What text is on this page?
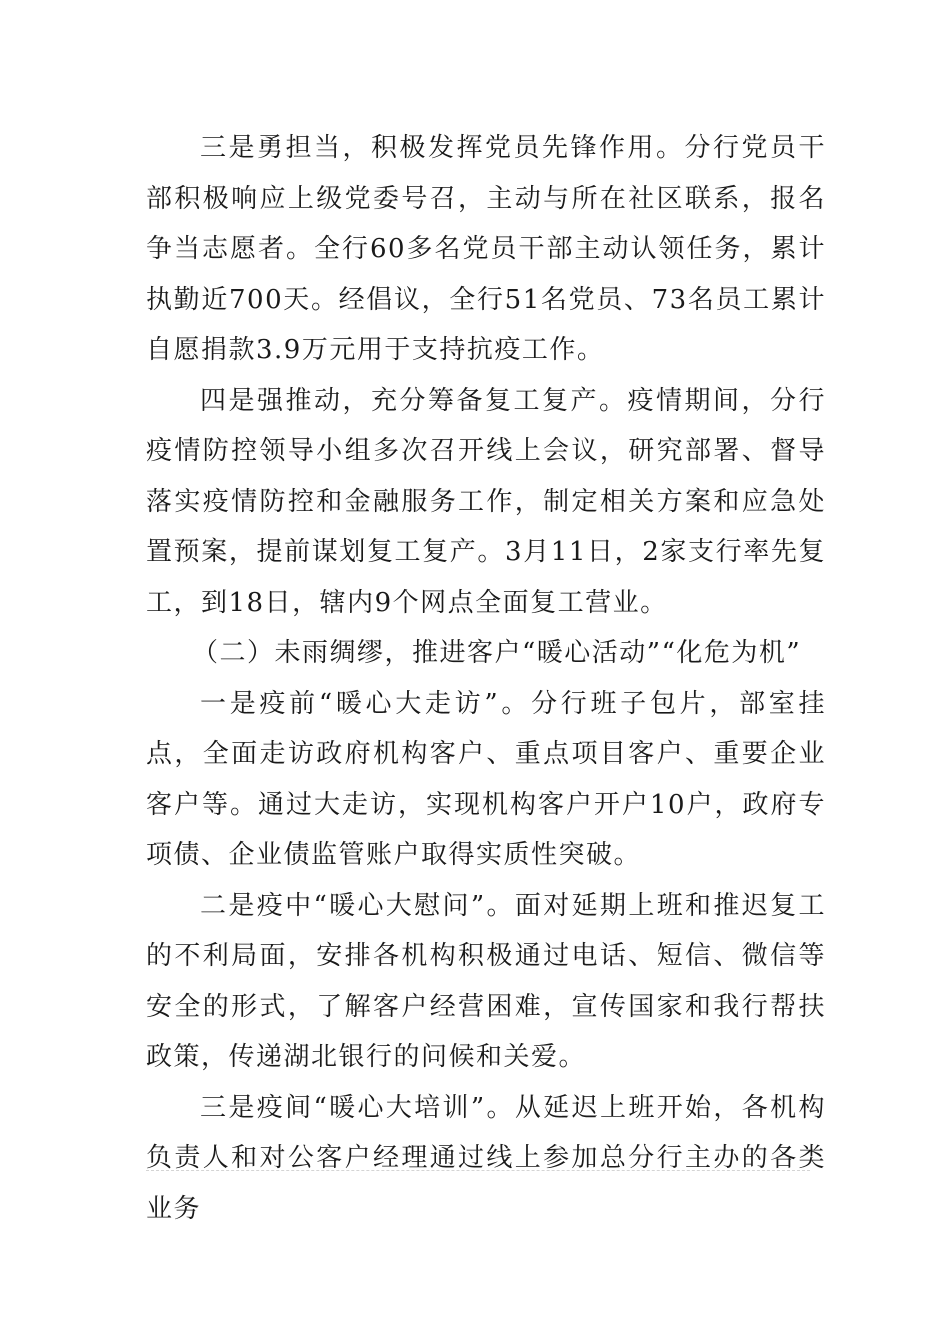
三是勇担当，积极发挥党员先锋作用。分行党员干部积极响应上级党委号召，主动与所在社区联系，报名争当志愿者。全行60多名党员干部主动认领任务，累计执勤近700天。经倡议，全行51名党员、73名员工累计自愿捐款3.9万元用于支持抗疫工作。

四是强推动，充分筹备复工复产。疫情期间，分行疫情防控领导小组多次召开线上会议，研究部署、督导落实疫情防控和金融服务工作，制定相关方案和应急处置预案，提前谋划复工复产。3月11日，2家支行率先复工，到18日，辖内9个网点全面复工营业。

（二）未雨绸缪，推进客户“暖心活动”“化危为机”

一是疫前“暖心大走访”。分行班子包片，部室挂点，全面走访政府机构客户、重点项目客户、重要企业客户等。通过大走访，实现机构客户开户10户，政府专项债、企业债监管账户取得实质性突破。

二是疫中“暖心大慰问”。面对延期上班和推迟复工的不利局面，安排各机构积极通过电话、短信、微信等安全的形式，了解客户经营困难，宣传国家和我行帮扶政策，传递湖北银行的问候和关爱。

三是疫间“暖心大培训”。从延迟上班开始，各机构负责人和对公客户经理通过线上参加总分行主办的各类业务
